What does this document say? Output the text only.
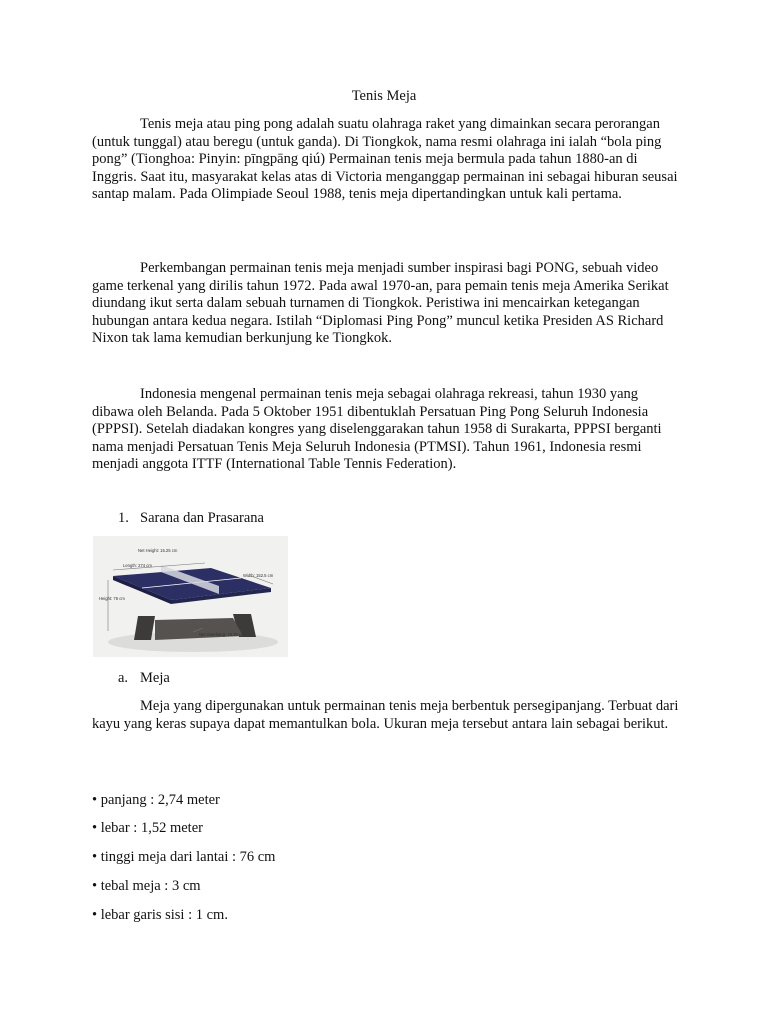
Tenis Meja

Tenis meja atau ping pong adalah suatu olahraga raket yang dimainkan secara perorangan (untuk tunggal) atau beregu (untuk ganda). Di Tiongkok, nama resmi olahraga ini ialah “bola ping pong” (Tionghoa: Pinyin: pīngpāng qiú) Permainan tenis meja bermula pada tahun 1880-an di Inggris. Saat itu, masyarakat kelas atas di Victoria menganggap permainan ini sebagai hiburan seusai santap malam. Pada Olimpiade Seoul 1988, tenis meja dipertandingkan untuk kali pertama.

Perkembangan permainan tenis meja menjadi sumber inspirasi bagi PONG, sebuah video game terkenal yang dirilis tahun 1972. Pada awal 1970-an, para pemain tenis meja Amerika Serikat diundang ikut serta dalam sebuah turnamen di Tiongkok. Peristiwa ini mencairkan ketegangan hubungan antara kedua negara. Istilah “Diplomasi Ping Pong” muncul ketika Presiden AS Richard Nixon tak lama kemudian berkunjung ke Tiongkok.

Indonesia mengenal permainan tenis meja sebagai olahraga rekreasi, tahun 1930 yang dibawa oleh Belanda. Pada 5 Oktober 1951 dibentuklah Persatuan Ping Pong Seluruh Indonesia (PPPSI). Setelah diadakan kongres yang diselenggarakan tahun 1958 di Surakarta, PPPSI berganti nama menjadi Persatuan Tenis Meja Seluruh Indonesia (PTMSI). Tahun 1961, Indonesia resmi menjadi anggota ITTF (International Table Tennis Federation).

1. Sarana dan Prasarana
Net Height: 15.25 cm
Length: 274 cm
Width: 152.5 cm
Height: 76 cm
Net Overhang: 15.25 cm
a. Meja

Meja yang dipergunakan untuk permainan tenis meja berbentuk persegipanjang. Terbuat dari kayu yang keras supaya dapat memantulkan bola. Ukuran meja tersebut antara lain sebagai berikut.

• panjang : 2,74 meter
• lebar : 1,52 meter
• tinggi meja dari lantai : 76 cm
• tebal meja : 3 cm
• lebar garis sisi : 1 cm.
